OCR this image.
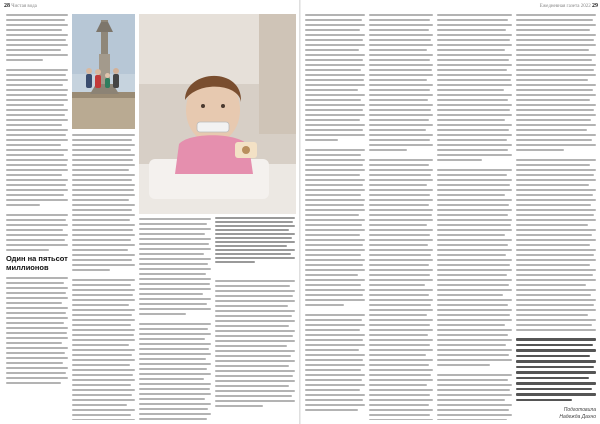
28 Чистая вода	Ежедневная газета 2022 29
Один на пятьсот миллионов
Подготовила
Надежда Дахно
